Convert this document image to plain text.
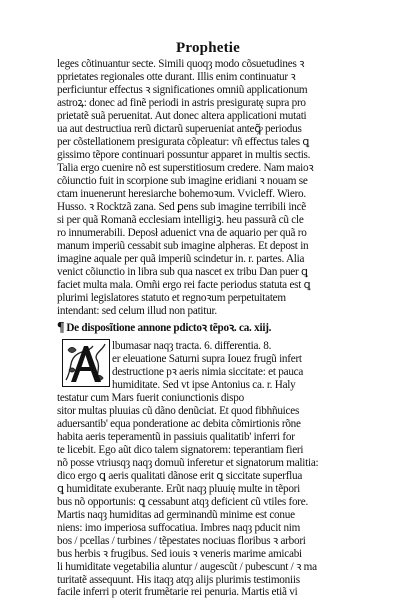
Prophetie
leges cõtinuantur secte. Simili quoqȝ modo cõsuetudines ꝛ
pprietates regionales otte durant. Illis enim continuatur ꝛ
perficiuntur effectus ꝛ significationes omniũ applicationum
astroꝝ: donec ad finẽ periodi in astris presiguratę supra pro
prietatẽ suã peruenitat. Aut donec altera applicationi mutati
ua aut destructiua rerũ dictarũ superueniat anteꝙ̃ periodus
per cõstellationem presigurata cõpleatur: vñ effectus tales ꝗ
gissimo tẽpore continuari possuntur apparet in multis sectis.
Talia ergo cuenire nõ est superstitiosum credere. Nam maioꝛ
cõiunctio fuit in scorpione sub imagine eridiani ꝛ nouam se
ctam inuenerunt heresiarche bohemoꝛum. Vvicleff. Wiero.
Husso. ꝛ Rocktzã zana. Sed ꝑens sub imagine terribili incẽ
si per quã Romanã ecclesiam intelligiꝫ. heu passurã cũ cle
ro innumerabili. Deposł aduenict vna de aquario per quã ro
manum imperiũ cessabit sub imagine alpheras. Et depost in
imagine aquale per quã imperiũ scindetur in. r. partes. Alia
venict cõiunctio in libra sub qua nascet ex tribu Dan puer ꝗ
faciet multa mala. Omñi ergo rei facte periodus statuta est ꝗ
plurimi legislatores statuto et regnoꝛum perpetuitatem
intendant: sed celum illud non patitur.
¶ De disposĩtione annone pdictoꝛ tẽpoꝛ. ca. xiij.
lbumasar naqȝ tracta. 6. differentia. 8.
er eleuatione Saturni supra Iouez frugũ infert
destructione pꝛ aeris nimia siccitate: et pauca
humiditate. Sed vt ipse Antonius ca. r. Haly
testatur cum Mars fuerit coniunctionis dispo
sitor multas pluuias cũ dãno denũciat. Et quod fibhñuices
aduersantib' equa ponderatione ac debita cõmirtionis rõne
habita aeris teperamentũ in passiuis qualitatib' inferri for
te licebit. Ego aũt dico talem signatorem: teperantiam fieri
nõ posse vtriusqȝ naqȝ domuũ inferetur et signatorum malitia:
dico ergo ꝗ aeris qualitati dãnose erit ꝗ siccitate superflua
ꝗ humiditate exuberante. Erũt naqȝ pluuię multe in tẽpori
bus nõ opportunis: ꝗ cessabunt atqȝ deficient cũ vtiles fore.
Martis naqȝ humiditas ad germinandũ minime est conue
niens: imo imperiosa suffocatiua. Imbres naqȝ pducit nim
bos / pcellas / turbines / tẽpestates nociuas floribus ꝛ arbori
bus herbis ꝛ frugibus. Sed iouis ꝛ veneris marime amicabi
li humiditate vegetabilia aluntur / augescũt / pubescunt / ꝛ ma
turitatẽ assequunt. His itaqȝ atqȝ alijs plurimis testimoniis
facile inferri p oterit frumẽtarie rei penuria. Martis etiã vi
